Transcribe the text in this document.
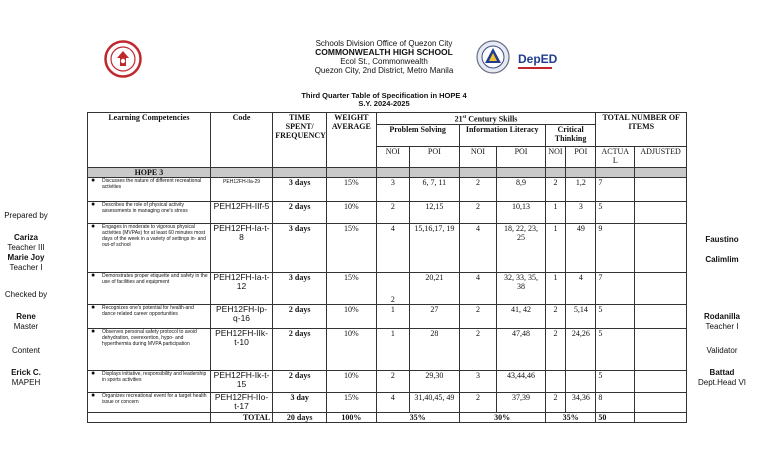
DepED
Schools Division Office of Quezon City
COMMONWEALTH HIGH SCHOOL
Ecol St., Commonwealth
Quezon City, 2nd District, Metro Manila
Third Quarter Table of Specification in HOPE 4
S.Y. 2024-2025
Prepared by
Cariza
Teacher III
Marie Joy
Teacher I
Checked by
Rene
Master
Content
Erick C.
MAPEH
Faustino
Calimlim
Rodanilla
Teacher I
Validator
Battad
Dept.Head VI
Learning Competencies	Code	TIME SPENT/ FREQUENCY	WEIGHT AVERAGE	21st Century Skills						TOTAL NUMBER OF ITEMS	
				Problem Solving		Information Literacy		Critical Thinking			
				NOI	POI	NOI	POI	NOI	POI	ACTUA L	ADJUSTED
HOPE 3											
● Discusses the nature of different recreational activities	PEH12FH-IIa-29	3 days	15%	3	6, 7, 11	2	8,9	2	1,2	7	
● Describes the role of physical activity assessments in managing one's stress	PEH12FH-IIf-5	2 days	10%	2	12,15	2	10,13	1	3	5	
● Engages in moderate to vigorous physical activities (MVPAs) for at least 60 minutes most days of the week in a variety of settings in- and out-of school	PEH12FH-Ia-t-8	3 days	15%	4	15,16,17, 19	4	18, 22, 23, 25	1	49	9	
● Demonstrates proper etiquette and safety in the use of facilities and equipment	PEH12FH-Ia-t-12	3 days	15%	2	20,21	4	32, 33, 35, 38	1	4	7	
● Recognizes one's potential for health-and dance related career opportunities	PEH12FH-Ip-q-16	2 days	10%	1	27	2	41, 42	2	5,14	5	
● Observes personal safety protocol to avoid dehydration, overexertion, hypo- and hyperthermia during MVPA participation	PEH12FH-IIk-t-10	2 days	10%	1	28	2	47,48	2	24,26	5	
● Displays initiative, responsibility and leadership in sports activities	PEH12FH-Ik-t-15	2 days	10%	2	29,30	3	43,44,46			5	
● Organizes recreational event for a target health issue or concern	PEH12FH-IIo-t-17	3 day	15%	4	31,40,45, 49	2	37,39	2	34,36	8	
	TOTAL	20 days	100%	35%		30%		35%		50	
